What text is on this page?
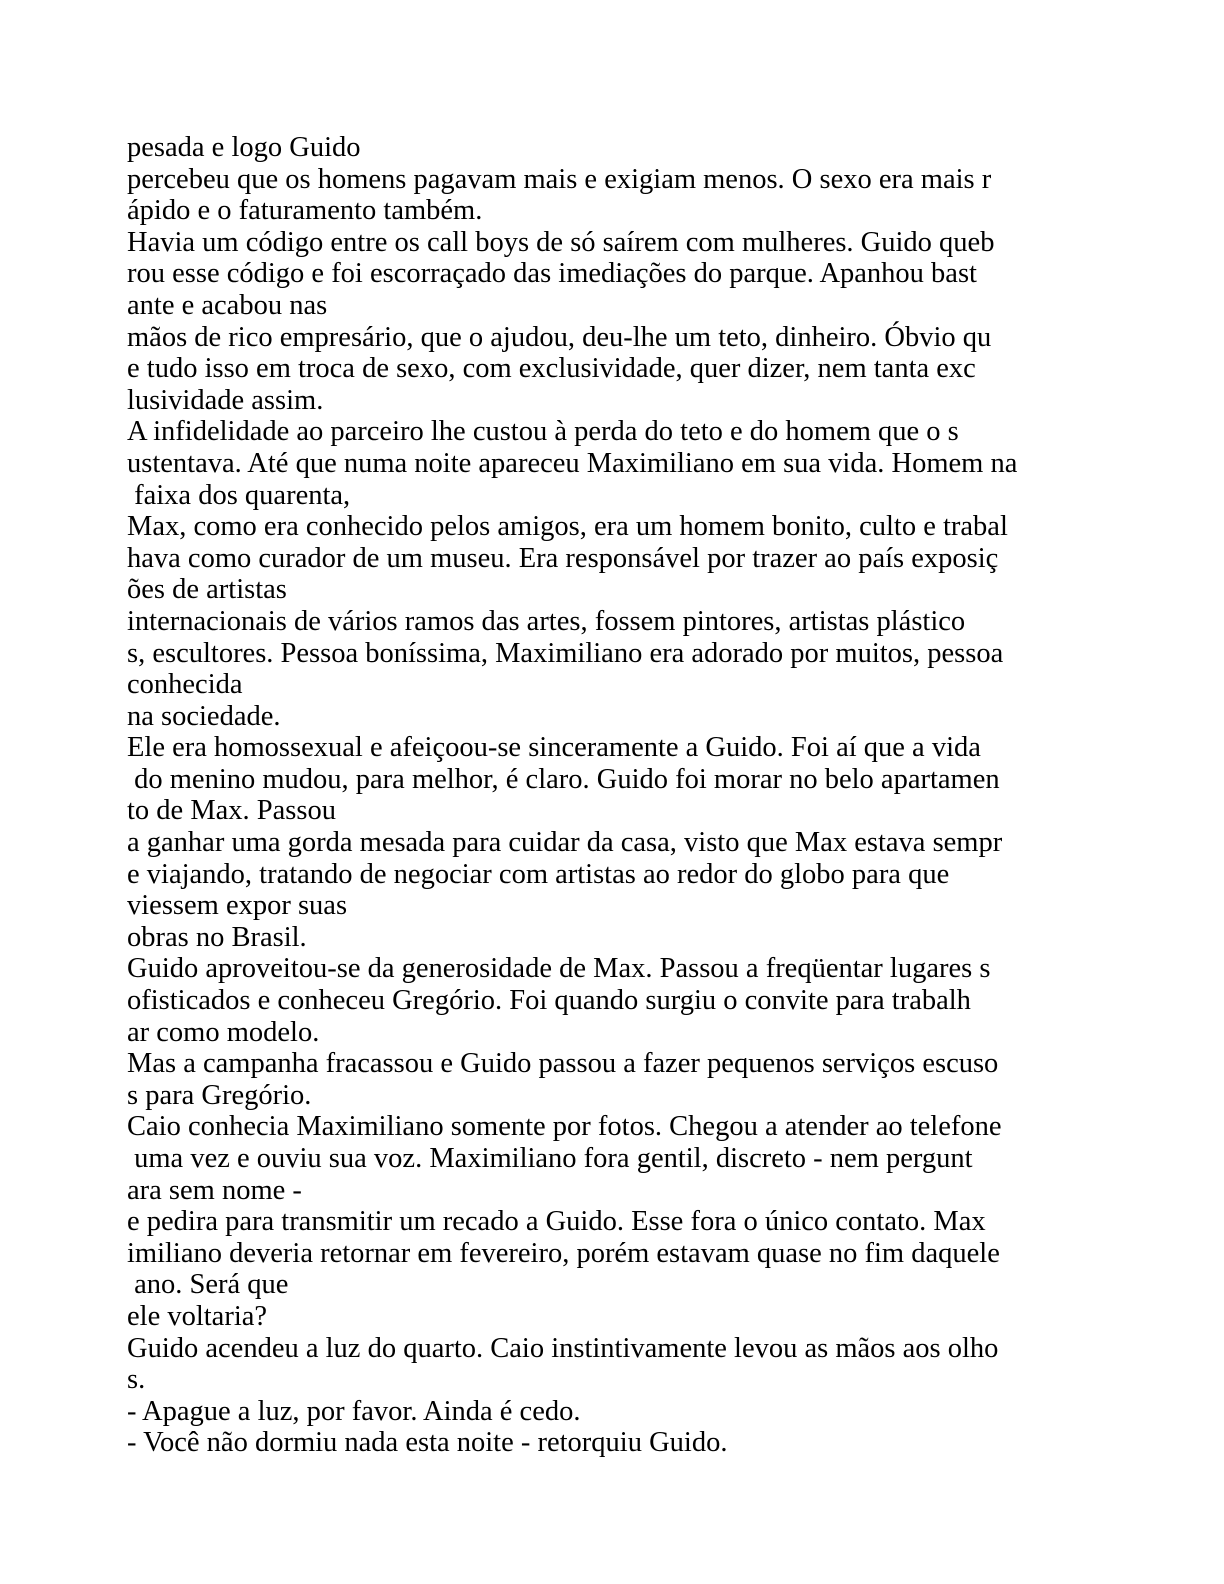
pesada e logo Guido
percebeu que os homens pagavam mais e exigiam menos. O sexo era mais r
ápido e o faturamento também.
Havia um código entre os call boys de só saírem com mulheres. Guido queb
rou esse código e foi escorraçado das imediações do parque. Apanhou bast
ante e acabou nas
mãos de rico empresário, que o ajudou, deu-lhe um teto, dinheiro. Óbvio qu
e tudo isso em troca de sexo, com exclusividade, quer dizer, nem tanta exc
lusividade assim.
A infidelidade ao parceiro lhe custou à perda do teto e do homem que o s
ustentava. Até que numa noite apareceu Maximiliano em sua vida. Homem na
faixa dos quarenta,
Max, como era conhecido pelos amigos, era um homem bonito, culto e trabal
hava como curador de um museu. Era responsável por trazer ao país exposiç
ões de artistas
internacionais de vários ramos das artes, fossem pintores, artistas plástico
s, escultores. Pessoa boníssima, Maximiliano era adorado por muitos, pessoa
conhecida
na sociedade.
Ele era homossexual e afeiçoou-se sinceramente a Guido. Foi aí que a vida
do menino mudou, para melhor, é claro. Guido foi morar no belo apartamen
to de Max. Passou
a ganhar uma gorda mesada para cuidar da casa, visto que Max estava sempr
e viajando, tratando de negociar com artistas ao redor do globo para que
viessem expor suas
obras no Brasil.
Guido aproveitou-se da generosidade de Max. Passou a freqüentar lugares s
ofisticados e conheceu Gregório. Foi quando surgiu o convite para trabalh
ar como modelo.
Mas a campanha fracassou e Guido passou a fazer pequenos serviços escuso
s para Gregório.
Caio conhecia Maximiliano somente por fotos. Chegou a atender ao telefone
uma vez e ouviu sua voz. Maximiliano fora gentil, discreto - nem pergunt
ara sem nome -
e pedira para transmitir um recado a Guido. Esse fora o único contato. Max
imiliano deveria retornar em fevereiro, porém estavam quase no fim daquele
ano. Será que
ele voltaria?
Guido acendeu a luz do quarto. Caio instintivamente levou as mãos aos olho
s.
- Apague a luz, por favor. Ainda é cedo.
- Você não dormiu nada esta noite - retorquiu Guido.
